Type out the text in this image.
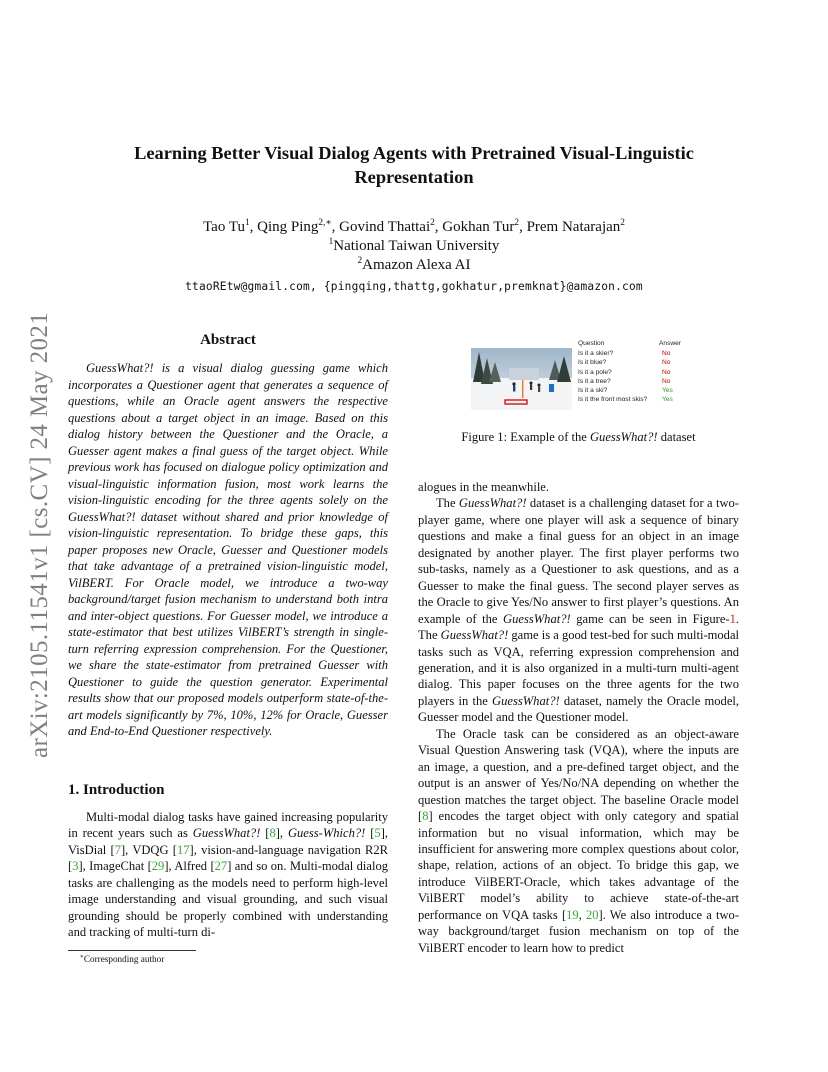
arXiv:2105.11541v1 [cs.CV] 24 May 2021
Learning Better Visual Dialog Agents with Pretrained Visual-Linguistic
Representation
Tao Tu$^1$, Qing Ping$^{2,∗}$, Govind Thattai$^2$, Gokhan Tur$^2$, Prem Natarajan$^2$
$^1$National Taiwan University
$^2$Amazon Alexa AI
ttaoREtw@gmail.com, {pingqing,thattg,gokhatur,premknat}@amazon.com
Abstract

GuessWhat?! is a visual dialog guessing game which incorporates a Questioner agent that generates a sequence of questions, while an Oracle agent answers the respective questions about a target object in an image. Based on this dialog history between the Questioner and the Oracle, a Guesser agent makes a final guess of the target object. While previous work has focused on dialogue policy optimization and visual-linguistic information fusion, most work learns the vision-linguistic encoding for the three agents solely on the GuessWhat?! dataset without shared and prior knowledge of vision-linguistic representation. To bridge these gaps, this paper proposes new Oracle, Guesser and Questioner models that take advantage of a pretrained vision-linguistic model, VilBERT. For Oracle model, we introduce a two-way background/target fusion mechanism to understand both intra and inter-object questions. For Guesser model, we introduce a state-estimator that best utilizes VilBERT’s strength in single-turn referring expression comprehension. For the Questioner, we share the state-estimator from pretrained Guesser with Questioner to guide the question generator. Experimental results show that our proposed models outperform state-of-the-art models significantly by 7%, 10%, 12% for Oracle, Guesser and End-to-End Questioner respectively.

1. Introduction

Multi-modal dialog tasks have gained increasing popularity in recent years such as GuessWhat?! [8], Guess-Which?! [5], VisDial [7], VDQG [17], vision-and-language navigation R2R [3], ImageChat [29], Alfred [27] and so on. Multi-modal dialog tasks are challenging as the models need to perform high-level image understanding and visual grounding, and such visual grounding should be properly combined with understanding and tracking of multi-turn di-

∗Corresponding author
Question	Answer
Is it a skier?	No
Is it blue?	No
Is it a pole?	No
Is it a tree?	No
Is it a ski?	Yes
Is it the front most skis?	Yes
Figure 1: Example of the GuessWhat?! dataset

alogues in the meanwhile.

The GuessWhat?! dataset is a challenging dataset for a two-player game, where one player will ask a sequence of binary questions and make a final guess for an object in an image designated by another player. The first player performs two sub-tasks, namely as a Questioner to ask questions, and as a Guesser to make the final guess. The second player serves as the Oracle to give Yes/No answer to first player’s questions. An example of the GuessWhat?! game can be seen in Figure-1. The GuessWhat?! game is a good test-bed for such multi-modal tasks such as VQA, referring expression comprehension and generation, and it is also organized in a multi-turn multi-agent dialog. This paper focuses on the three agents for the two players in the GuessWhat?! dataset, namely the Oracle model, Guesser model and the Questioner model.

The Oracle task can be considered as an object-aware Visual Question Answering task (VQA), where the inputs are an image, a question, and a pre-defined target object, and the output is an answer of Yes/No/NA depending on whether the question matches the target object. The baseline Oracle model [8] encodes the target object with only category and spatial information but no visual information, which may be insufficient for answering more complex questions about color, shape, relation, actions of an object. To bridge this gap, we introduce VilBERT-Oracle, which takes advantage of the VilBERT model’s ability to achieve state-of-the-art performance on VQA tasks [19, 20]. We also introduce a two-way background/target fusion mechanism on top of the VilBERT encoder to learn how to predict
